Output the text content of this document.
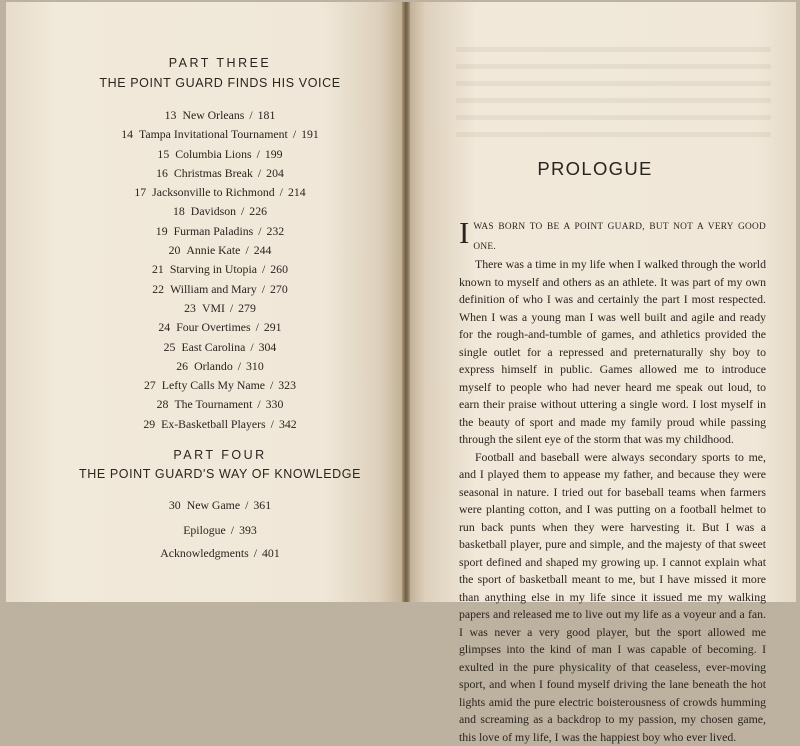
PART THREE
THE POINT GUARD FINDS HIS VOICE
13 New Orleans / 181
14 Tampa Invitational Tournament / 191
15 Columbia Lions / 199
16 Christmas Break / 204
17 Jacksonville to Richmond / 214
18 Davidson / 226
19 Furman Paladins / 232
20 Annie Kate / 244
21 Starving in Utopia / 260
22 William and Mary / 270
23 VMI / 279
24 Four Overtimes / 291
25 East Carolina / 304
26 Orlando / 310
27 Lefty Calls My Name / 323
28 The Tournament / 330
29 Ex-Basketball Players / 342
PART FOUR
THE POINT GUARD'S WAY OF KNOWLEDGE
30 New Game / 361
Epilogue / 393
Acknowledgments / 401
PROLOGUE

IWAS BORN TO BE A POINT GUARD, BUT NOT A VERY GOOD ONE.
There was a time in my life when I walked through the world known to myself and others as an athlete. It was part of my own definition of who I was and certainly the part I most respected. When I was a young man I was well built and agile and ready for the rough-and-tumble of games, and athletics provided the single outlet for a repressed and preternaturally shy boy to express himself in public. Games allowed me to introduce myself to people who had never heard me speak out loud, to earn their praise without uttering a single word. I lost myself in the beauty of sport and made my family proud while passing through the silent eye of the storm that was my childhood.

Football and baseball were always secondary sports to me, and I played them to appease my father, and because they were seasonal in nature. I tried out for baseball teams when farmers were planting cotton, and I was putting on a football helmet to run back punts when they were harvesting it. But I was a basketball player, pure and simple, and the majesty of that sweet sport defined and shaped my growing up. I cannot explain what the sport of basketball meant to me, but I have missed it more than anything else in my life since it issued me my walking papers and released me to live out my life as a voyeur and a fan. I was never a very good player, but the sport allowed me glimpses into the kind of man I was capable of becoming. I exulted in the pure physicality of that ceaseless, ever-moving sport, and when I found myself driving the lane beneath the hot lights amid the pure electric boisterousness of crowds humming and screaming as a backdrop to my passion, my chosen game, this love of my life, I was the happiest boy who ever lived.
